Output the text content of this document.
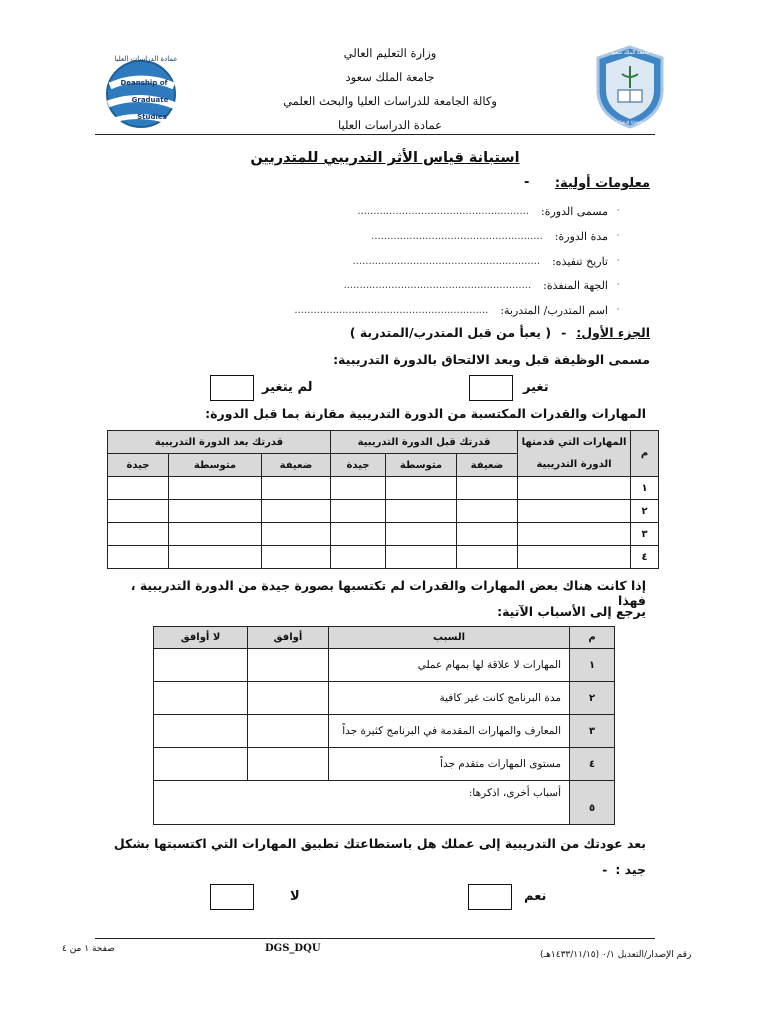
Deanship of
Graduate
Studies
عمادة الدراسات العليا
جامعة الملك سعود
King Saud University
وزارة التعليم العالي
جامعة الملك سعود
وكالة الجامعة للدراسات العليا والبحث العلمي
عمادة الدراسات العليا
استبانة قياس الأثر التدريبي للمتدربين
معلومات أولية:
-
·
مسمى الدورة:
......................................................
·
مدة الدورة:
......................................................
·
تاريخ تنفيذه:
...........................................................
·
الجهة المنفذة:
...........................................................
·
اسم المتدرب/ المتدربة:
.............................................................
الجزء الأول:
-
( يعبأ من قبل المتدرب/المتدربة )
مسمى الوظيفة قبل وبعد الالتحاق بالدورة التدريبية:
تغير
لم يتغير
المهارات والقدرات المكتسبة من الدورة التدريبية مقارنة بما قبل الدورة:
م	المهارات التي قدمتها
الدورة التدريبية	قدرتك قبل الدورة التدريبية			قدرتك بعد الدورة التدريبية		
		ضعيفة	متوسطة	جيدة	ضعيفة	متوسطة	جيدة
١							
٢							
٣							
٤							
إذا كانت هناك بعض المهارات والقدرات لم تكتسبها بصورة جيدة من الدورة التدريبية ، فهذا
يرجع إلى الأسباب الآتية:
م	السبب	أوافق	لا أوافق
١	المهارات لا علاقة لها بمهام عملي		
٢	مدة البرنامج كانت غير كافية		
٣	المعارف والمهارات المقدمة في البرنامج كثيرة جداً		
٤	مستوى المهارات متقدم جداً		
٥	أسباب أخرى، اذكرها:		
بعد عودتك من التدريبية إلى عملك هل باستطاعتك تطبيق المهارات التي اكتسبتها بشكل
جيد :
-
نعم
لا
صفحة ١ من ٤	DGS_DQU
رقم الإصدار/التعديل ٠/١ (١٤٣٣/١١/١٥هـ)
